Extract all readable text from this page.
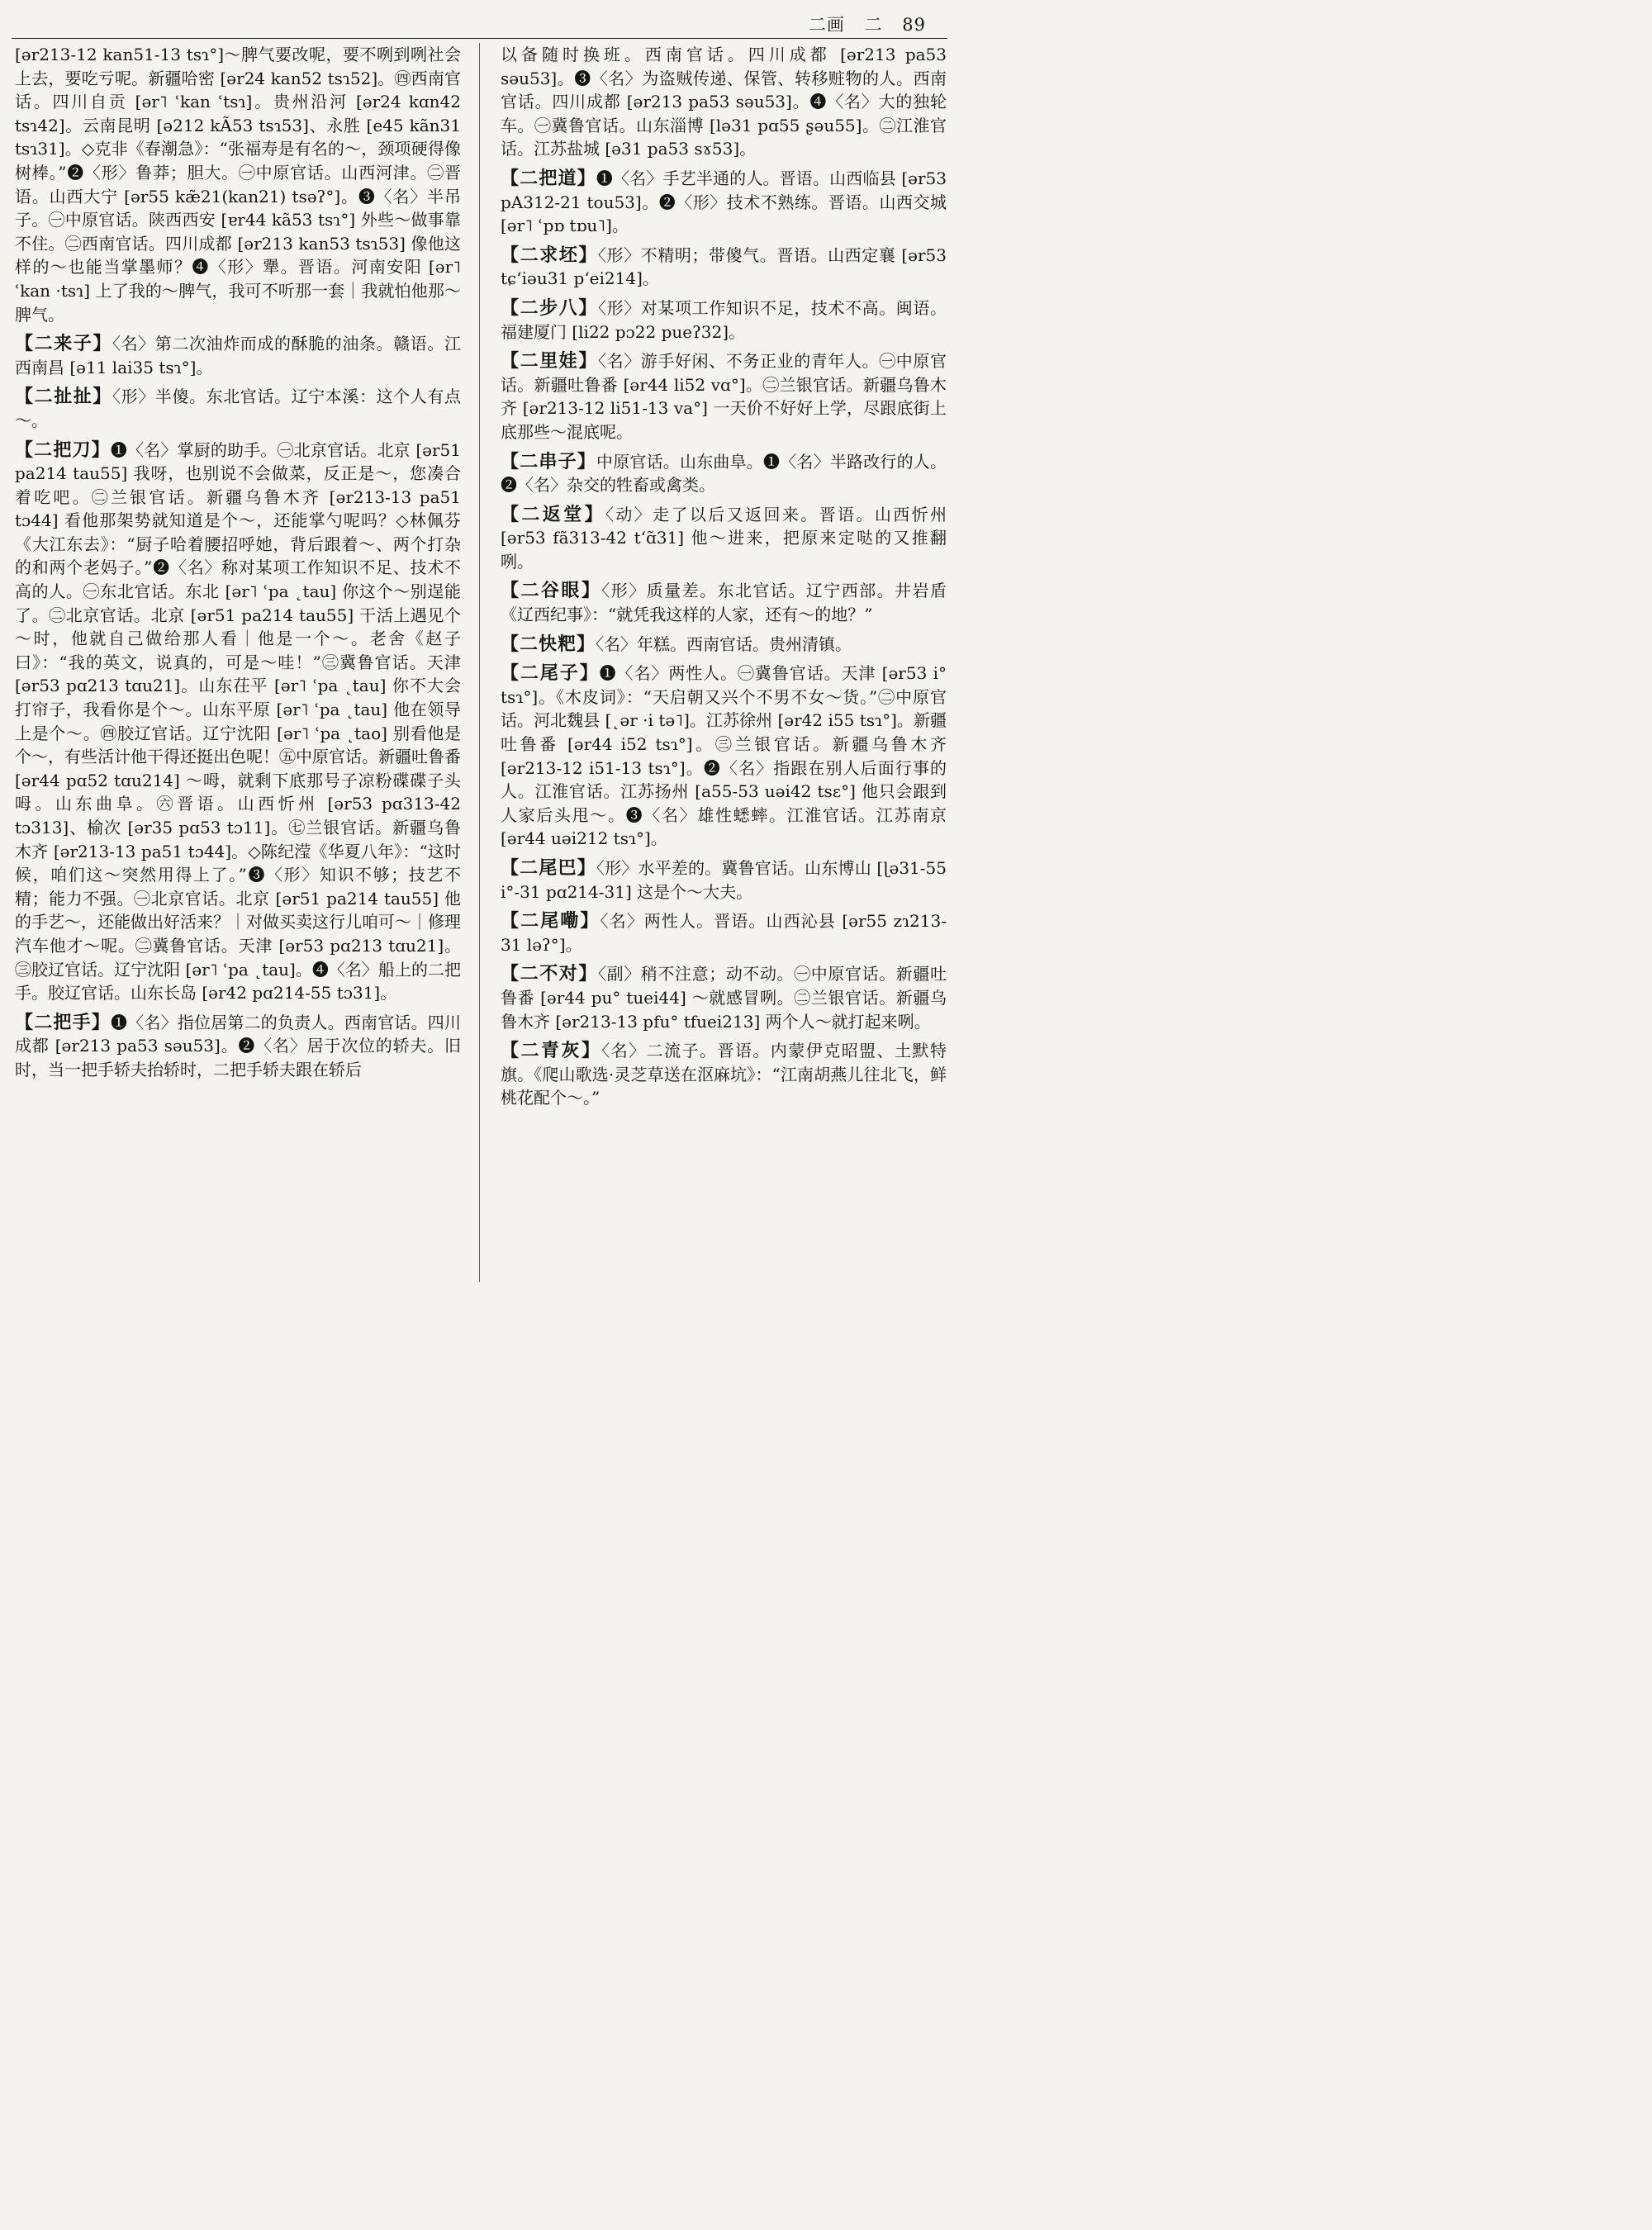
二画 二 89

[ər213-12 kan51-13 tsɿ°]～脾气要改呢，要不咧到咧社会上去，要吃亏呢。新疆哈密 [ər24 kan52 tsɿ52]。㊃西南官话。四川自贡 [ər˥ ʿkan ʿtsɿ]。贵州沿河 [ər24 kɑn42 tsɿ42]。云南昆明 [ə212 kÃ53 tsɿ53]、永胜 [e45 kãn31 tsɿ31]。◇克非《春潮急》：“张福寿是有名的～，颈项硬得像树棒。”❷〈形〉鲁莽；胆大。㊀中原官话。山西河津。㊁晋语。山西大宁 [ər55 kæ̃21(kan21) tsəʔ°]。❸〈名〉半吊子。㊀中原官话。陕西西安 [ɐr44 kã53 tsɿ°] 外些～做事靠不住。㊁西南官话。四川成都 [ər213 kan53 tsɿ53] 像他这样的～也能当掌墨师？❹〈形〉犟。晋语。河南安阳 [ər˥ ʿkan ·tsɿ] 上了我的～脾气，我可不听那一套｜我就怕他那～脾气。

【二来子】〈名〉第二次油炸而成的酥脆的油条。赣语。江西南昌 [ə11 lai35 tsɿ°]。

【二扯扯】〈形〉半傻。东北官话。辽宁本溪：这个人有点～。

【二把刀】❶〈名〉掌厨的助手。㊀北京官话。北京 [ər51 pa214 tau55] 我呀，也别说不会做菜，反正是～，您凑合着吃吧。㊁兰银官话。新疆乌鲁木齐 [ər213-13 pa51 tɔ44] 看他那架势就知道是个～，还能掌勺呢吗？◇林佩芬《大江东去》：“厨子哈着腰招呼她，背后跟着～、两个打杂的和两个老妈子。”❷〈名〉称对某项工作知识不足、技术不高的人。㊀东北官话。东北 [ər˥ ʿpa ˛tau] 你这个～别逞能了。㊁北京官话。北京 [ər51 pa214 tau55] 干活上遇见个～时，他就自己做给那人看｜他是一个～。老舍《赵子曰》：“我的英文，说真的，可是～哇！”㊂冀鲁官话。天津 [ər53 pɑ213 tɑu21]。山东茌平 [ər˥ ʿpa ˛tau] 你不大会打帘子，我看你是个～。山东平原 [ər˥ ʿpa ˛tau] 他在领导上是个～。㊃胶辽官话。辽宁沈阳 [ər˥ ʿpa ˛tao] 别看他是个～，有些活计他干得还挺出色呢！㊄中原官话。新疆吐鲁番 [ər44 pɑ52 tɑu214] ～呣，就剩下底那号子凉粉碟碟子头呣。山东曲阜。㊅晋语。山西忻州 [ər53 pɑ313-42 tɔ313]、榆次 [ər35 pɑ53 tɔ11]。㊆兰银官话。新疆乌鲁木齐 [ər213-13 pa51 tɔ44]。◇陈纪滢《华夏八年》：“这时候，咱们这～突然用得上了。”❸〈形〉知识不够；技艺不精；能力不强。㊀北京官话。北京 [ər51 pa214 tau55] 他的手艺～，还能做出好活来？｜对做买卖这行儿咱可～｜修理汽车他才～呢。㊁冀鲁官话。天津 [ər53 pɑ213 tɑu21]。㊂胶辽官话。辽宁沈阳 [ər˥ ʿpa ˛tau]。❹〈名〉船上的二把手。胶辽官话。山东长岛 [ər42 pɑ214-55 tɔ31]。

【二把手】❶〈名〉指位居第二的负责人。西南官话。四川成都 [ər213 pa53 səu53]。❷〈名〉居于次位的轿夫。旧时，当一把手轿夫抬轿时，二把手轿夫跟在轿后

以备随时换班。西南官话。四川成都 [ər213 pa53 səu53]。❸〈名〉为盗贼传递、保管、转移赃物的人。西南官话。四川成都 [ər213 pa53 səu53]。❹〈名〉大的独轮车。㊀冀鲁官话。山东淄博 [lə31 pɑ55 ʂəu55]。㊁江淮官话。江苏盐城 [ə31 pa53 sɤ53]。

【二把道】❶〈名〉手艺半通的人。晋语。山西临县 [ər53 pA312-21 tou53]。❷〈形〉技术不熟练。晋语。山西交城 [ər˥ ʿpɒ tɒu˥]。

【二求坯】〈形〉不精明；带傻气。晋语。山西定襄 [ər53 tɕʻiəu31 pʻei214]。

【二步八】〈形〉对某项工作知识不足，技术不高。闽语。福建厦门 [li22 pɔ22 pueʔ32]。

【二里娃】〈名〉游手好闲、不务正业的青年人。㊀中原官话。新疆吐鲁番 [ər44 li52 vɑ°]。㊁兰银官话。新疆乌鲁木齐 [ər213-12 li51-13 va°] 一天价不好好上学，尽跟底街上底那些～混底呢。

【二串子】中原官话。山东曲阜。❶〈名〉半路改行的人。❷〈名〉杂交的牲畜或禽类。

【二返堂】〈动〉走了以后又返回来。晋语。山西忻州 [ər53 fã313-42 tʻɑ̃31] 他～进来，把原来定哒的又推翻咧。

【二谷眼】〈形〉质量差。东北官话。辽宁西部。井岩盾《辽西纪事》：“就凭我这样的人家，还有～的地？”

【二快粑】〈名〉年糕。西南官话。贵州清镇。

【二尾子】❶〈名〉两性人。㊀冀鲁官话。天津 [ər53 i° tsɿ°]。《木皮词》：“天启朝又兴个不男不女～货。”㊁中原官话。河北魏县 [˛ər ·i tə˥]。江苏徐州 [ər42 i55 tsɿ°]。新疆吐鲁番 [ər44 i52 tsɿ°]。㊂兰银官话。新疆乌鲁木齐 [ər213-12 i51-13 tsɿ°]。❷〈名〉指跟在别人后面行事的人。江淮官话。江苏扬州 [a55-53 uəi42 tsɛ°] 他只会跟到人家后头甩～。❸〈名〉雄性蟋蟀。江淮官话。江苏南京 [ər44 uəi212 tsɿ°]。

【二尾巴】〈形〉水平差的。冀鲁官话。山东博山 [ɭə31-55 i°-31 pɑ214-31] 这是个～大夫。

【二尾嘞】〈名〉两性人。晋语。山西沁县 [ər55 zɿ213-31 ləʔ°]。

【二不对】〈副〉稍不注意；动不动。㊀中原官话。新疆吐鲁番 [ər44 pu° tuei44] ～就感冒咧。㊁兰银官话。新疆乌鲁木齐 [ər213-13 pfu° tfuei213] 两个人～就打起来咧。

【二青灰】〈名〉二流子。晋语。内蒙伊克昭盟、土默特旗。《爬山歌选·灵芝草送在沤麻坑》：“江南胡燕儿往北飞，鲜桃花配个～。”
